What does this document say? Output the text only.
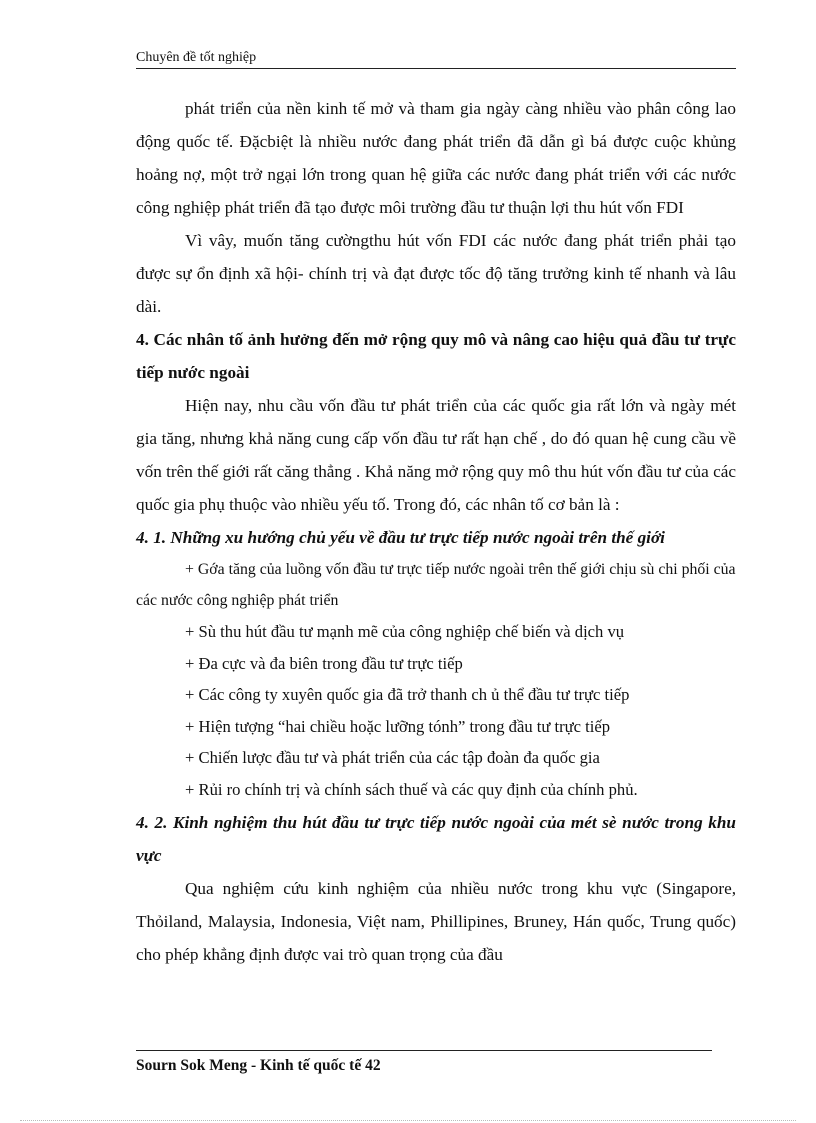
Chuyên đề tốt nghiệp

phát triển của nền kinh tế mở và tham gia ngày càng nhiều vào phân công lao động quốc tế. Đặcbiệt là nhiều nước đang phát triển đã dẫn gì bá được cuộc khủng hoảng nợ, một trở ngại lớn trong quan hệ giữa các nước đang phát triển với các nước công nghiệp phát triển đã tạo được môi trường đầu tư thuận lợi thu hút vốn FDI

Vì vây, muốn tăng cườngthu hút vốn FDI các nước đang phát triển phải tạo được sự ổn định xã hội- chính trị và đạt được tốc độ tăng trưởng kinh tế nhanh và lâu dài.

4. Các nhân tố ảnh hưởng đến mở rộng quy mô và nâng cao hiệu quả đầu tư trực tiếp nước ngoài

Hiện nay, nhu cầu vốn đầu tư phát triển của các quốc gia rất lớn và ngày mét gia tăng, nhưng khả năng cung cấp vốn đầu tư rất hạn chế , do đó quan hệ cung cầu về vốn trên thế giới rất căng thẳng . Khả năng mở rộng quy mô thu hút vốn đầu tư của các quốc gia phụ thuộc vào nhiều yếu tố. Trong đó, các nhân tố cơ bản là :

4. 1. Những xu hướng chủ yếu về đầu tư trực tiếp nước ngoài trên thế giới

+ Gớa tăng của luồng vốn đầu tư trực tiếp nước ngoài trên thế giới chịu sù chi phối của các nước công nghiệp phát triển

+ Sù thu hút đầu tư mạnh mẽ của công nghiệp chế biến và dịch vụ

+ Đa cực và đa biên trong đầu tư trực tiếp

+ Các công ty xuyên quốc gia đã trở thanh ch ủ thể đầu tư trực tiếp

+ Hiện tượng “hai chiều hoặc lưỡng tónh” trong đầu tư trực tiếp

+ Chiến lược đầu tư và phát triển của các tập đoàn đa quốc gia

+ Rủi ro chính trị và chính sách thuế và các quy định của chính phủ.

4. 2. Kinh nghiệm thu hút đầu tư trực tiếp nước ngoài của mét sè nước trong khu vực

Qua nghiệm cứu kinh nghiệm của nhiều nước trong khu vực (Singapore, Thỏiland, Malaysia, Indonesia, Việt nam, Phillipines, Bruney, Hán quốc, Trung quốc) cho phép khẳng định được vai trò quan trọng của đầu

Sourn Sok Meng - Kinh tế quốc tế 42
